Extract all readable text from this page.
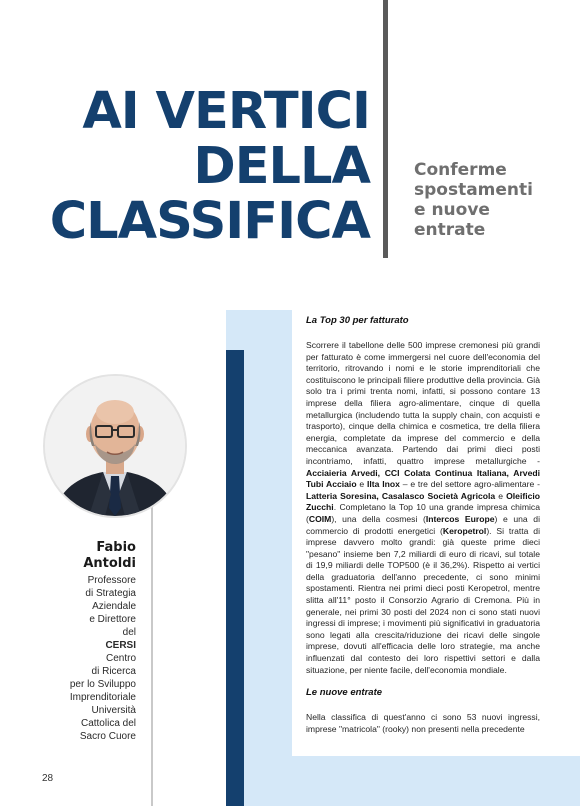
AI VERTICI
DELLA
CLASSIFICA
Conferme
spostamenti
e nuove
entrate

Fabio
Antoldi

Professore
di Strategia
Aziendale
e Direttore
del
CERSI
Centro
di Ricerca
per lo Sviluppo
Imprenditoriale
Università
Cattolica del
Sacro Cuore

La Top 30 per fatturato

Scorrere il tabellone delle 500 imprese cremonesi più grandi per fatturato è come immergersi nel cuore dell'economia del territorio, ritrovando i nomi e le storie imprenditoriali che costituiscono le principali filiere produttive della provincia. Già solo tra i primi trenta nomi, infatti, si possono contare 13 imprese della filiera agro-alimentare, cinque di quella metallurgica (includendo tutta la supply chain, con acquisti e trasporto), cinque della chimica e cosmetica, tre della filiera energia, completate da imprese del commercio e della meccanica avanzata. Partendo dai primi dieci posti incontriamo, infatti, quattro imprese metallurgiche - Acciaieria Arvedi, CCI Colata Continua Italiana, Arvedi Tubi Acciaio e Ilta Inox – e tre del settore agro-alimentare - Latteria Soresina, Casalasco Società Agricola e Oleificio Zucchi. Completano la Top 10 una grande impresa chimica (COIM), una della cosmesi (Intercos Europe) e una di commercio di prodotti energetici (Keropetrol). Si tratta di imprese davvero molto grandi: già queste prime dieci "pesano" insieme ben 7,2 miliardi di euro di ricavi, sul totale di 19,9 miliardi delle TOP500 (è il 36,2%). Rispetto ai vertici della graduatoria dell'anno precedente, ci sono minimi spostamenti. Rientra nei primi dieci posti Keropetrol, mentre slitta all'11° posto il Consorzio Agrario di Cremona. Più in generale, nei primi 30 posti del 2024 non ci sono stati nuovi ingressi di imprese; i movimenti più significativi in graduatoria sono legati alla crescita/riduzione dei ricavi delle singole imprese, dovuti all'efficacia delle loro strategie, ma anche influenzati dal contesto dei loro rispettivi settori e dalla situazione, per niente facile, dell'economia mondiale.

Le nuove entrate

Nella classifica di quest'anno ci sono 53 nuovi ingressi, imprese "matricola" (rooky) non presenti nella precedente

28
